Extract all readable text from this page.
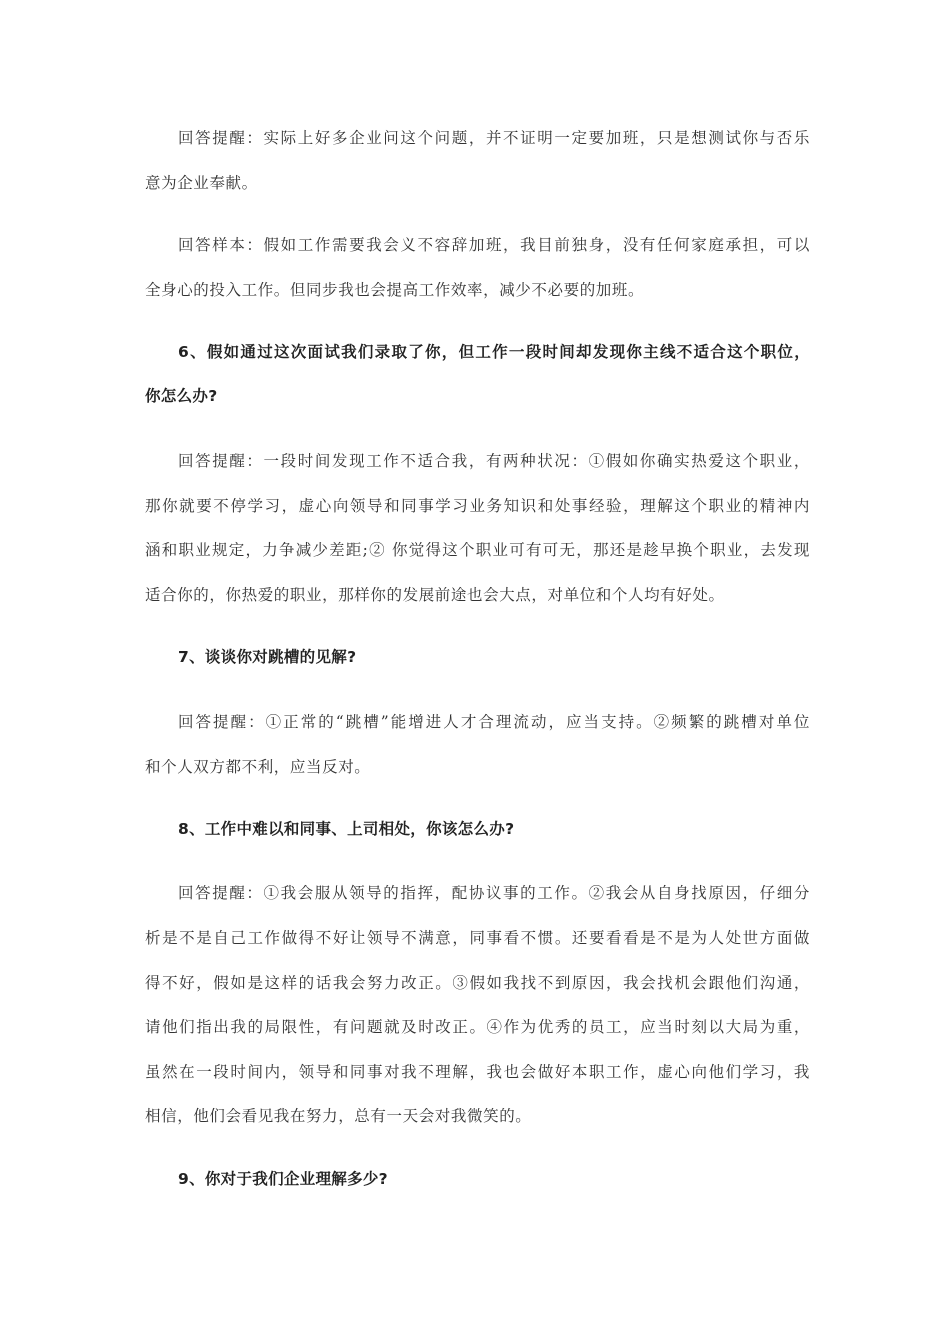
回答提醒：实际上好多企业问这个问题，并不证明一定要加班，只是想测试你与否乐
意为企业奉献。
回答样本：假如工作需要我会义不容辞加班，我目前独身，没有任何家庭承担，可以
全身心的投入工作。但同步我也会提高工作效率，减少不必要的加班。
6、假如通过这次面试我们录取了你，但工作一段时间却发现你主线不适合这个职位，
你怎么办?
回答提醒：一段时间发现工作不适合我，有两种状况：①假如你确实热爱这个职业，
那你就要不停学习，虚心向领导和同事学习业务知识和处事经验，理解这个职业的精神内
涵和职业规定，力争减少差距;② 你觉得这个职业可有可无，那还是趁早换个职业，去发现
适合你的，你热爱的职业，那样你的发展前途也会大点，对单位和个人均有好处。
7、谈谈你对跳槽的见解?
回答提醒：①正常的“跳槽”能增进人才合理流动，应当支持。②频繁的跳槽对单位
和个人双方都不利，应当反对。
8、工作中难以和同事、上司相处，你该怎么办?
回答提醒：①我会服从领导的指挥，配协议事的工作。②我会从自身找原因，仔细分
析是不是自己工作做得不好让领导不满意，同事看不惯。还要看看是不是为人处世方面做
得不好，假如是这样的话我会努力改正。③假如我找不到原因，我会找机会跟他们沟通，
请他们指出我的局限性，有问题就及时改正。④作为优秀的员工，应当时刻以大局为重，
虽然在一段时间内，领导和同事对我不理解，我也会做好本职工作，虚心向他们学习，我
相信，他们会看见我在努力，总有一天会对我微笑的。
9、你对于我们企业理解多少?
